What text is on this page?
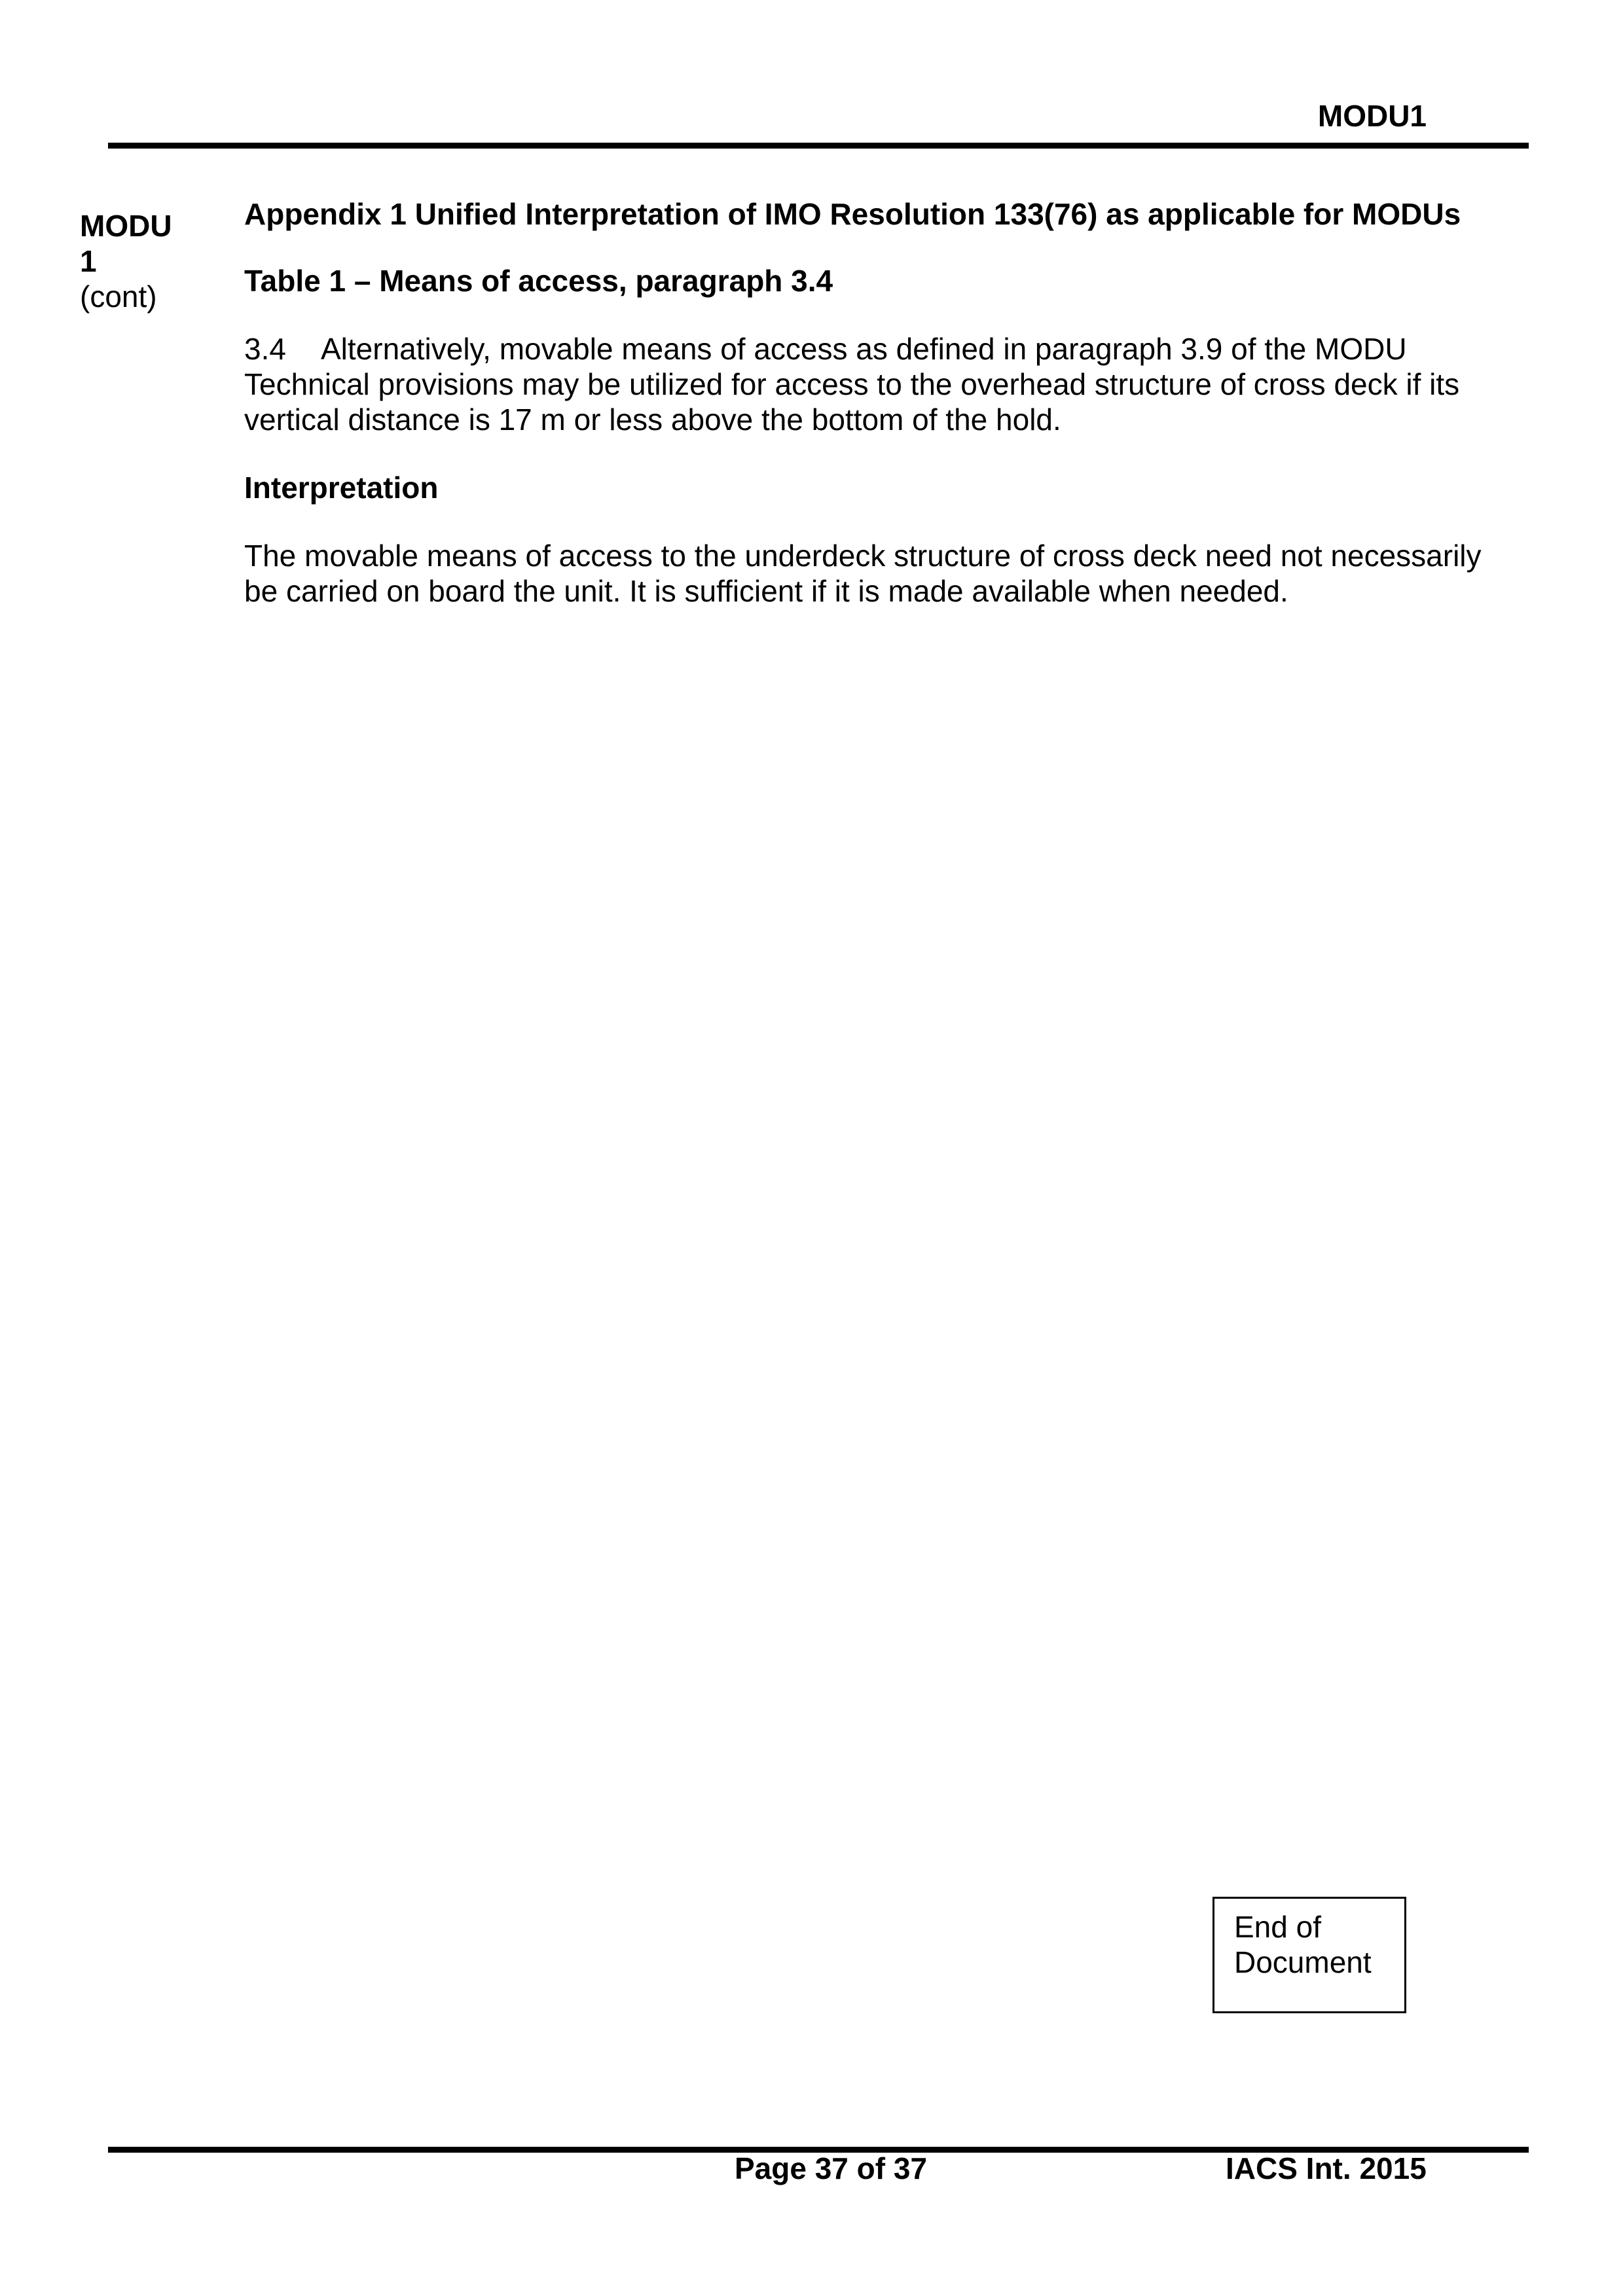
MODU1
MODU
1
(cont)

Appendix 1 Unified Interpretation of IMO Resolution 133(76) as applicable for MODUs

Table 1 – Means of access, paragraph 3.4

3.4 Alternatively, movable means of access as defined in paragraph 3.9 of the MODU Technical provisions may be utilized for access to the overhead structure of cross deck if its vertical distance is 17 m or less above the bottom of the hold.

Interpretation

The movable means of access to the underdeck structure of cross deck need not necessarily be carried on board the unit. It is sufficient if it is made available when needed.

End of
Document
Page 37 of 37	IACS Int. 2015
